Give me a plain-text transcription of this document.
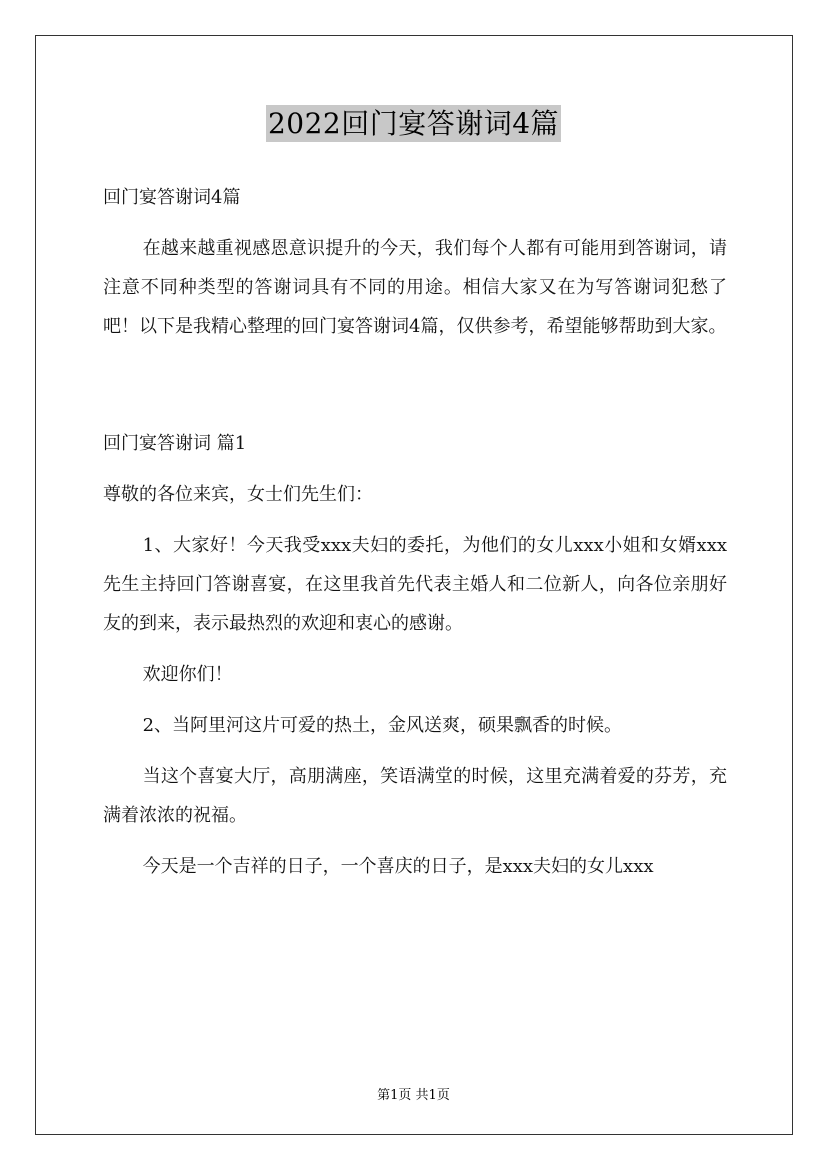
2022回门宴答谢词4篇

回门宴答谢词4篇

在越来越重视感恩意识提升的今天，我们每个人都有可能用到答谢词，请注意不同种类型的答谢词具有不同的用途。相信大家又在为写答谢词犯愁了吧！以下是我精心整理的回门宴答谢词4篇，仅供参考，希望能够帮助到大家。

回门宴答谢词 篇1

尊敬的各位来宾，女士们先生们：

1、大家好！今天我受xxx夫妇的委托，为他们的女儿xxx小姐和女婿xxx先生主持回门答谢喜宴，在这里我首先代表主婚人和二位新人，向各位亲朋好友的到来，表示最热烈的欢迎和衷心的感谢。

欢迎你们！

2、当阿里河这片可爱的热土，金风送爽，硕果飘香的时候。

当这个喜宴大厅，高朋满座，笑语满堂的时候，这里充满着爱的芬芳，充满着浓浓的祝福。

今天是一个吉祥的日子，一个喜庆的日子，是xxx夫妇的女儿xxx

第1页 共1页
